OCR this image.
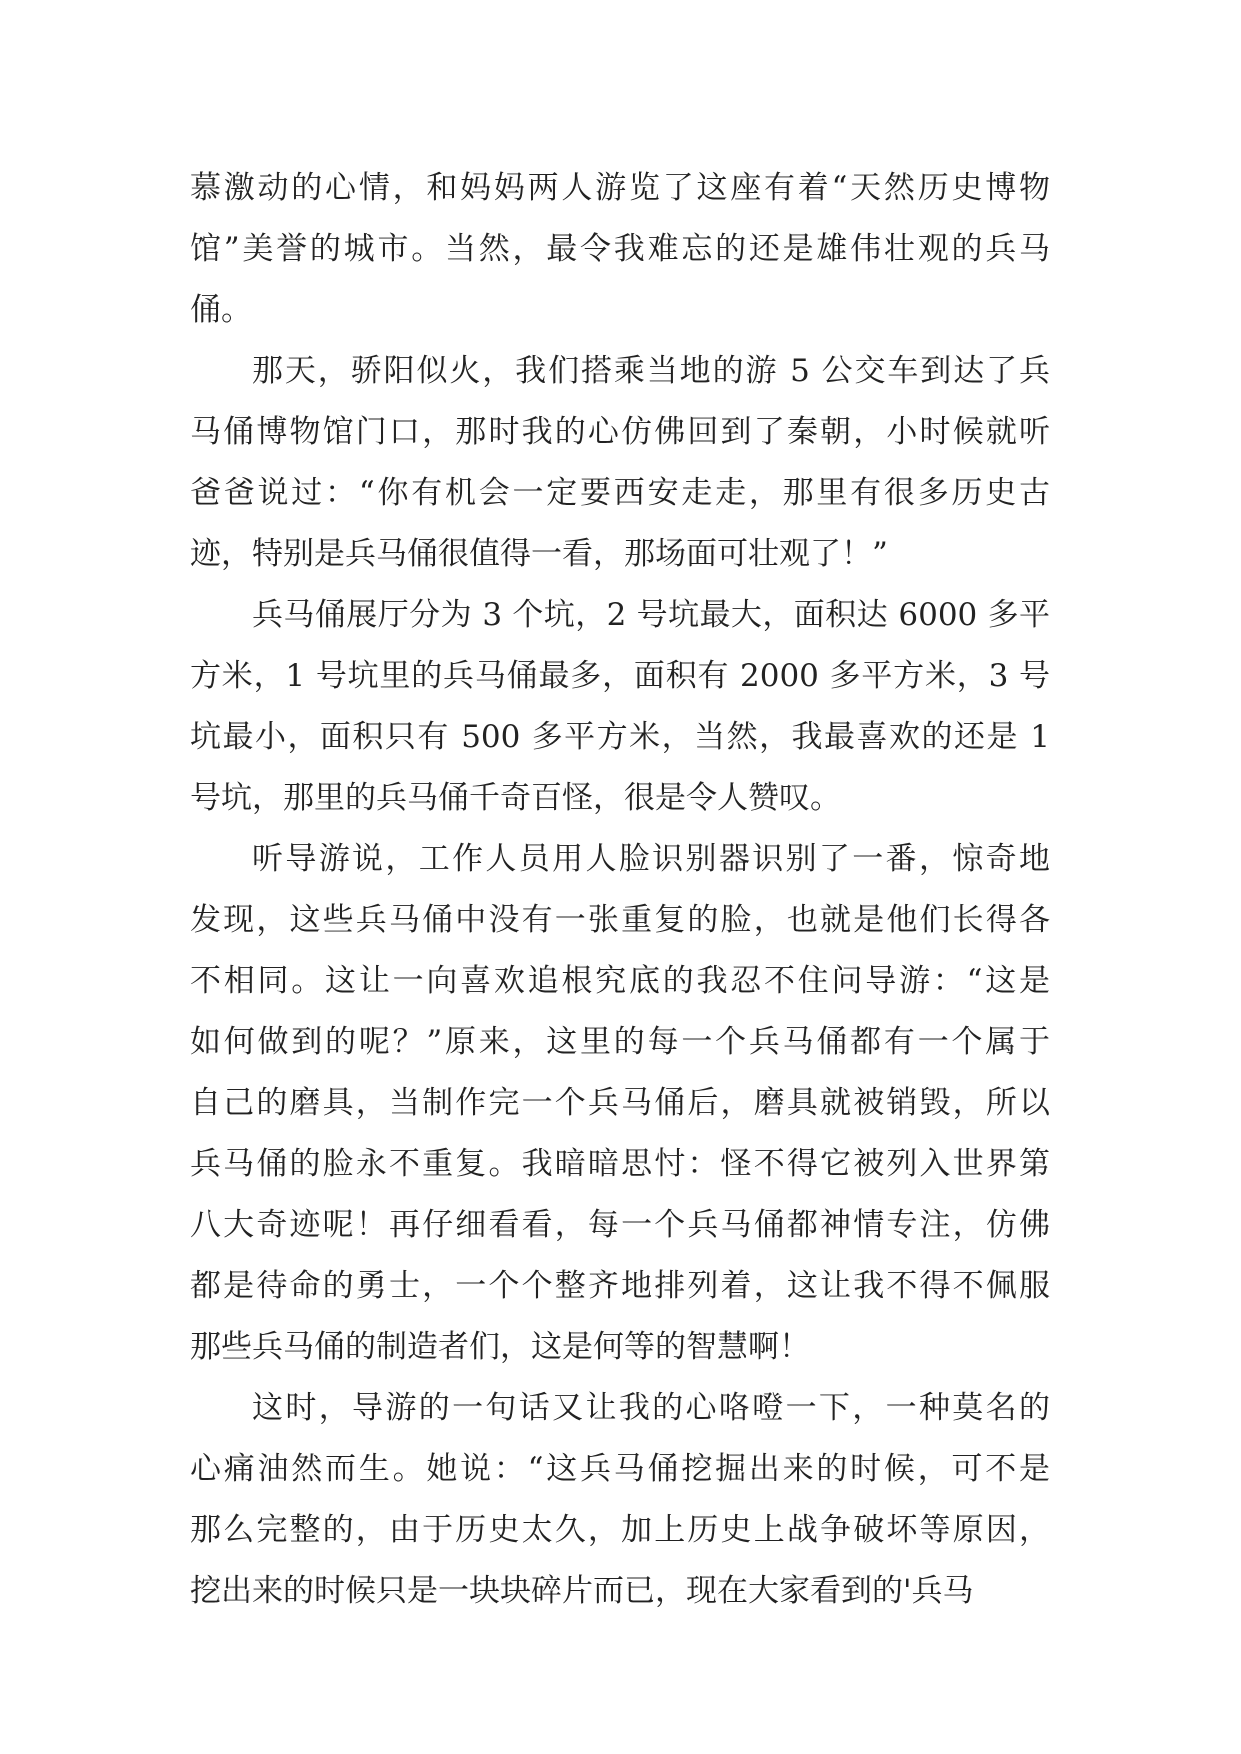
慕激动的心情，和妈妈两人游览了这座有着“天然历史博物
馆”美誉的城市。当然，最令我难忘的还是雄伟壮观的兵马
俑。
那天，骄阳似火，我们搭乘当地的游 5 公交车到达了兵
马俑博物馆门口，那时我的心仿佛回到了秦朝，小时候就听
爸爸说过：“你有机会一定要西安走走，那里有很多历史古
迹，特别是兵马俑很值得一看，那场面可壮观了！”
兵马俑展厅分为 3 个坑，2 号坑最大，面积达 6000 多平
方米，1 号坑里的兵马俑最多，面积有 2000 多平方米，3 号
坑最小，面积只有 500 多平方米，当然，我最喜欢的还是 1
号坑，那里的兵马俑千奇百怪，很是令人赞叹。
听导游说，工作人员用人脸识别器识别了一番，惊奇地
发现，这些兵马俑中没有一张重复的脸，也就是他们长得各
不相同。这让一向喜欢追根究底的我忍不住问导游：“这是
如何做到的呢？”原来，这里的每一个兵马俑都有一个属于
自己的磨具，当制作完一个兵马俑后，磨具就被销毁，所以
兵马俑的脸永不重复。我暗暗思忖：怪不得它被列入世界第
八大奇迹呢！再仔细看看，每一个兵马俑都神情专注，仿佛
都是待命的勇士，一个个整齐地排列着，这让我不得不佩服
那些兵马俑的制造者们，这是何等的智慧啊！
这时，导游的一句话又让我的心咯噔一下，一种莫名的
心痛油然而生。她说：“这兵马俑挖掘出来的时候，可不是
那么完整的，由于历史太久，加上历史上战争破坏等原因，
挖出来的时候只是一块块碎片而已，现在大家看到的'兵马
